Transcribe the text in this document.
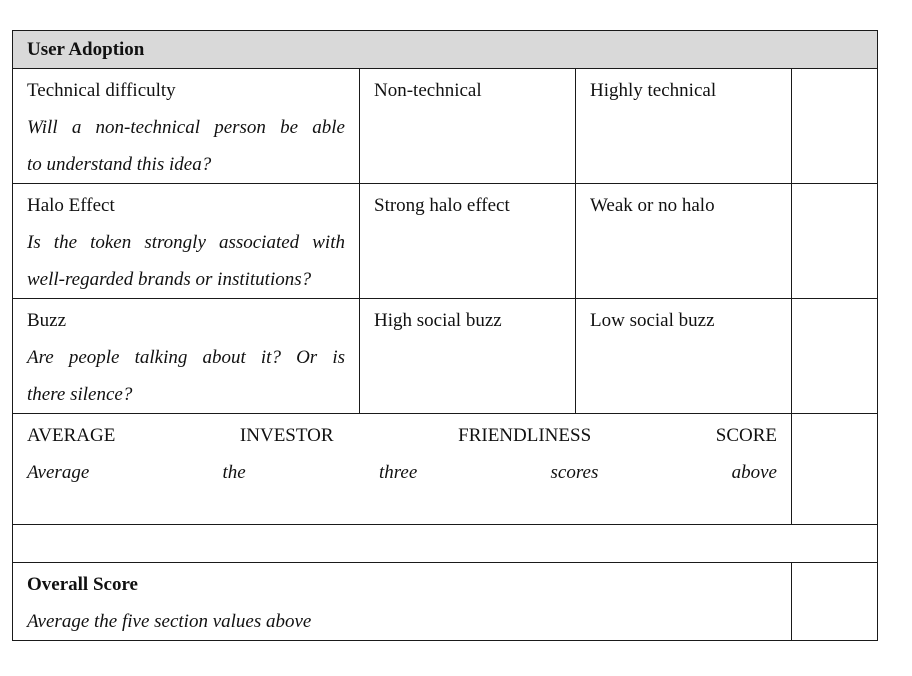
User Adoption			

Technical difficulty
Will a non-technical person be able
to understand this idea?	Non-technical	Highly technical	

Halo Effect
Is the token strongly associated with
well-regarded brands or institutions?	Strong halo effect	Weak or no halo	

Buzz
Are people talking about it? Or is
there silence?	High social buzz	Low social buzz	

AVERAGE INVESTOR FRIENDLINESS SCORE
Average the three scores above			

Overall Score
Average the five section values above			
